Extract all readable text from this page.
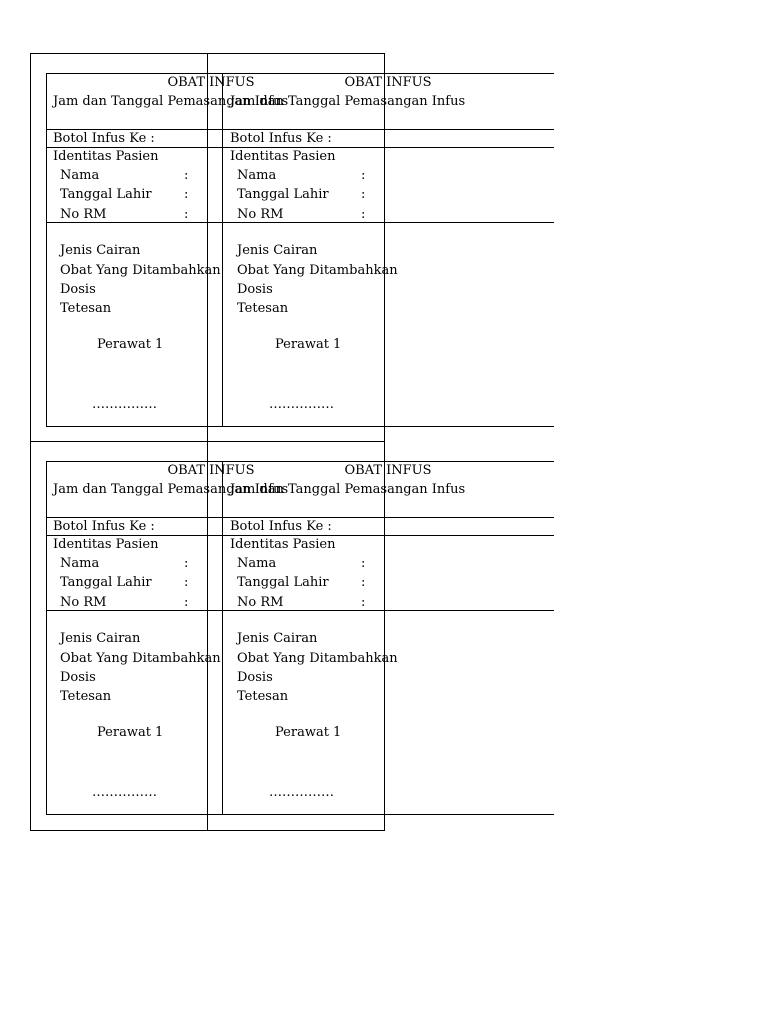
OBAT INFUS
Jam dan Tanggal Pemasangan Infus
Botol Infus Ke :
Identitas Pasien
Nama	:
Tanggal Lahir :
No RM	:
Jenis Cairan
Obat Yang Ditambahkan
Dosis
Tetesan
Perawat 1
……………
OBAT INFUS
Jam dan Tanggal Pemasangan Infus
Botol Infus Ke :
Identitas Pasien
Nama	:
Tanggal Lahir :
No RM	:
Jenis Cairan
Obat Yang Ditambahkan
Dosis
Tetesan
Perawat 1
……………
OBAT INFUS
Jam dan Tanggal Pemasangan Infus
Botol Infus Ke :
Identitas Pasien
Nama	:
Tanggal Lahir :
No RM	:
Jenis Cairan
Obat Yang Ditambahkan
Dosis
Tetesan
Perawat 1
……………
OBAT INFUS
Jam dan Tanggal Pemasangan Infus
Botol Infus Ke :
Identitas Pasien
Nama	:
Tanggal Lahir :
No RM	:
Jenis Cairan
Obat Yang Ditambahkan
Dosis
Tetesan
Perawat 1
……………
